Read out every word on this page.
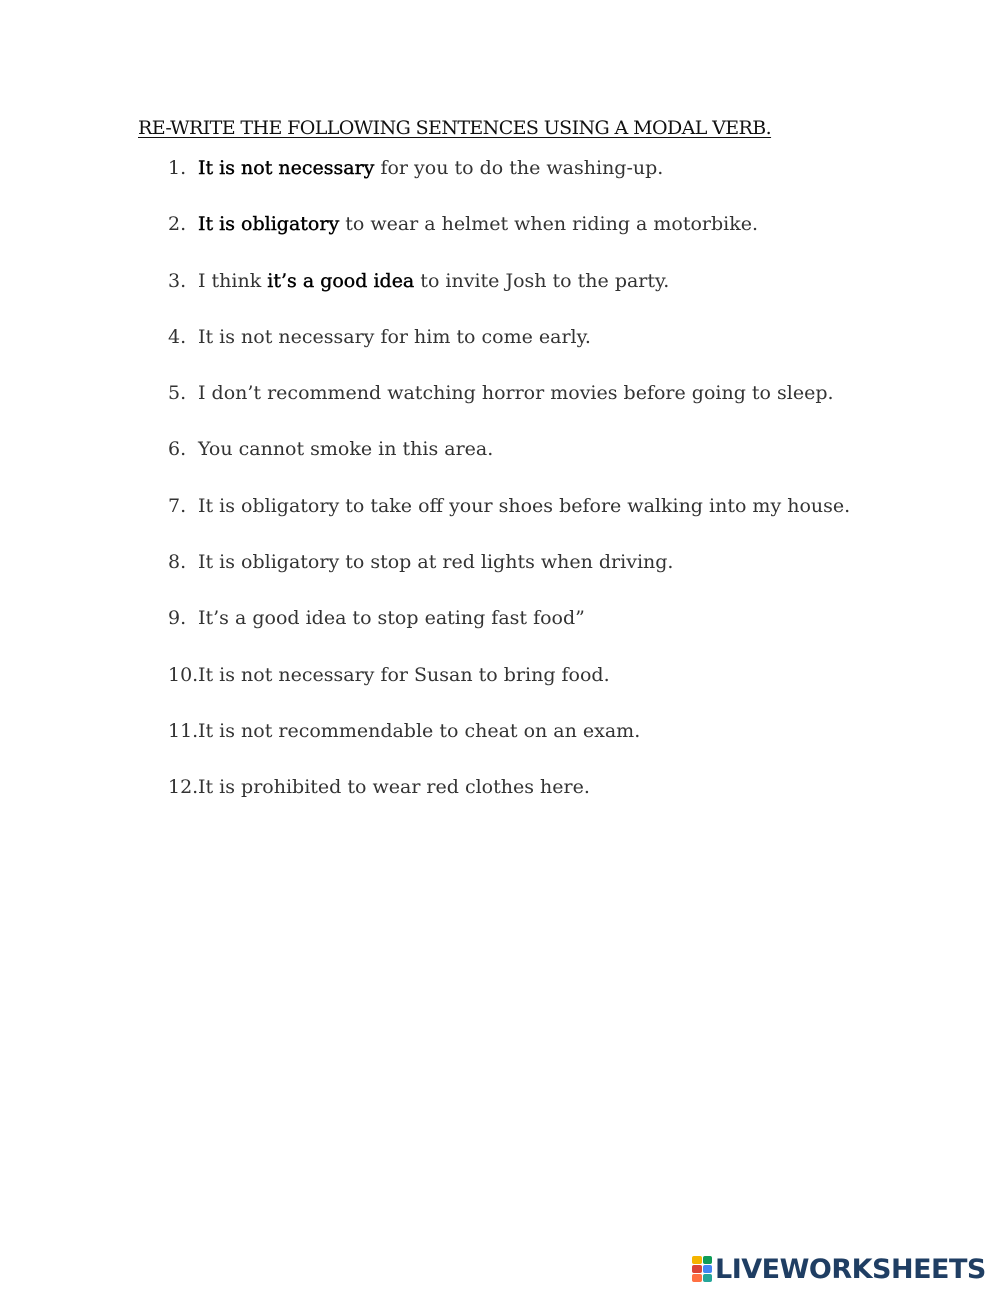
RE-WRITE THE FOLLOWING SENTENCES USING A MODAL VERB.
1. It is not necessary for you to do the washing-up.
2. It is obligatory to wear a helmet when riding a motorbike.
3. I think it’s a good idea to invite Josh to the party.
4. It is not necessary for him to come early.
5. I don’t recommend watching horror movies before going to sleep.
6. You cannot smoke in this area.
7. It is obligatory to take off your shoes before walking into my house.
8. It is obligatory to stop at red lights when driving.
9. It’s a good idea to stop eating fast food”
10. It is not necessary for Susan to bring food.
11. It is not recommendable to cheat on an exam.
12. It is prohibited to wear red clothes here.
LIVEWORKSHEETS
